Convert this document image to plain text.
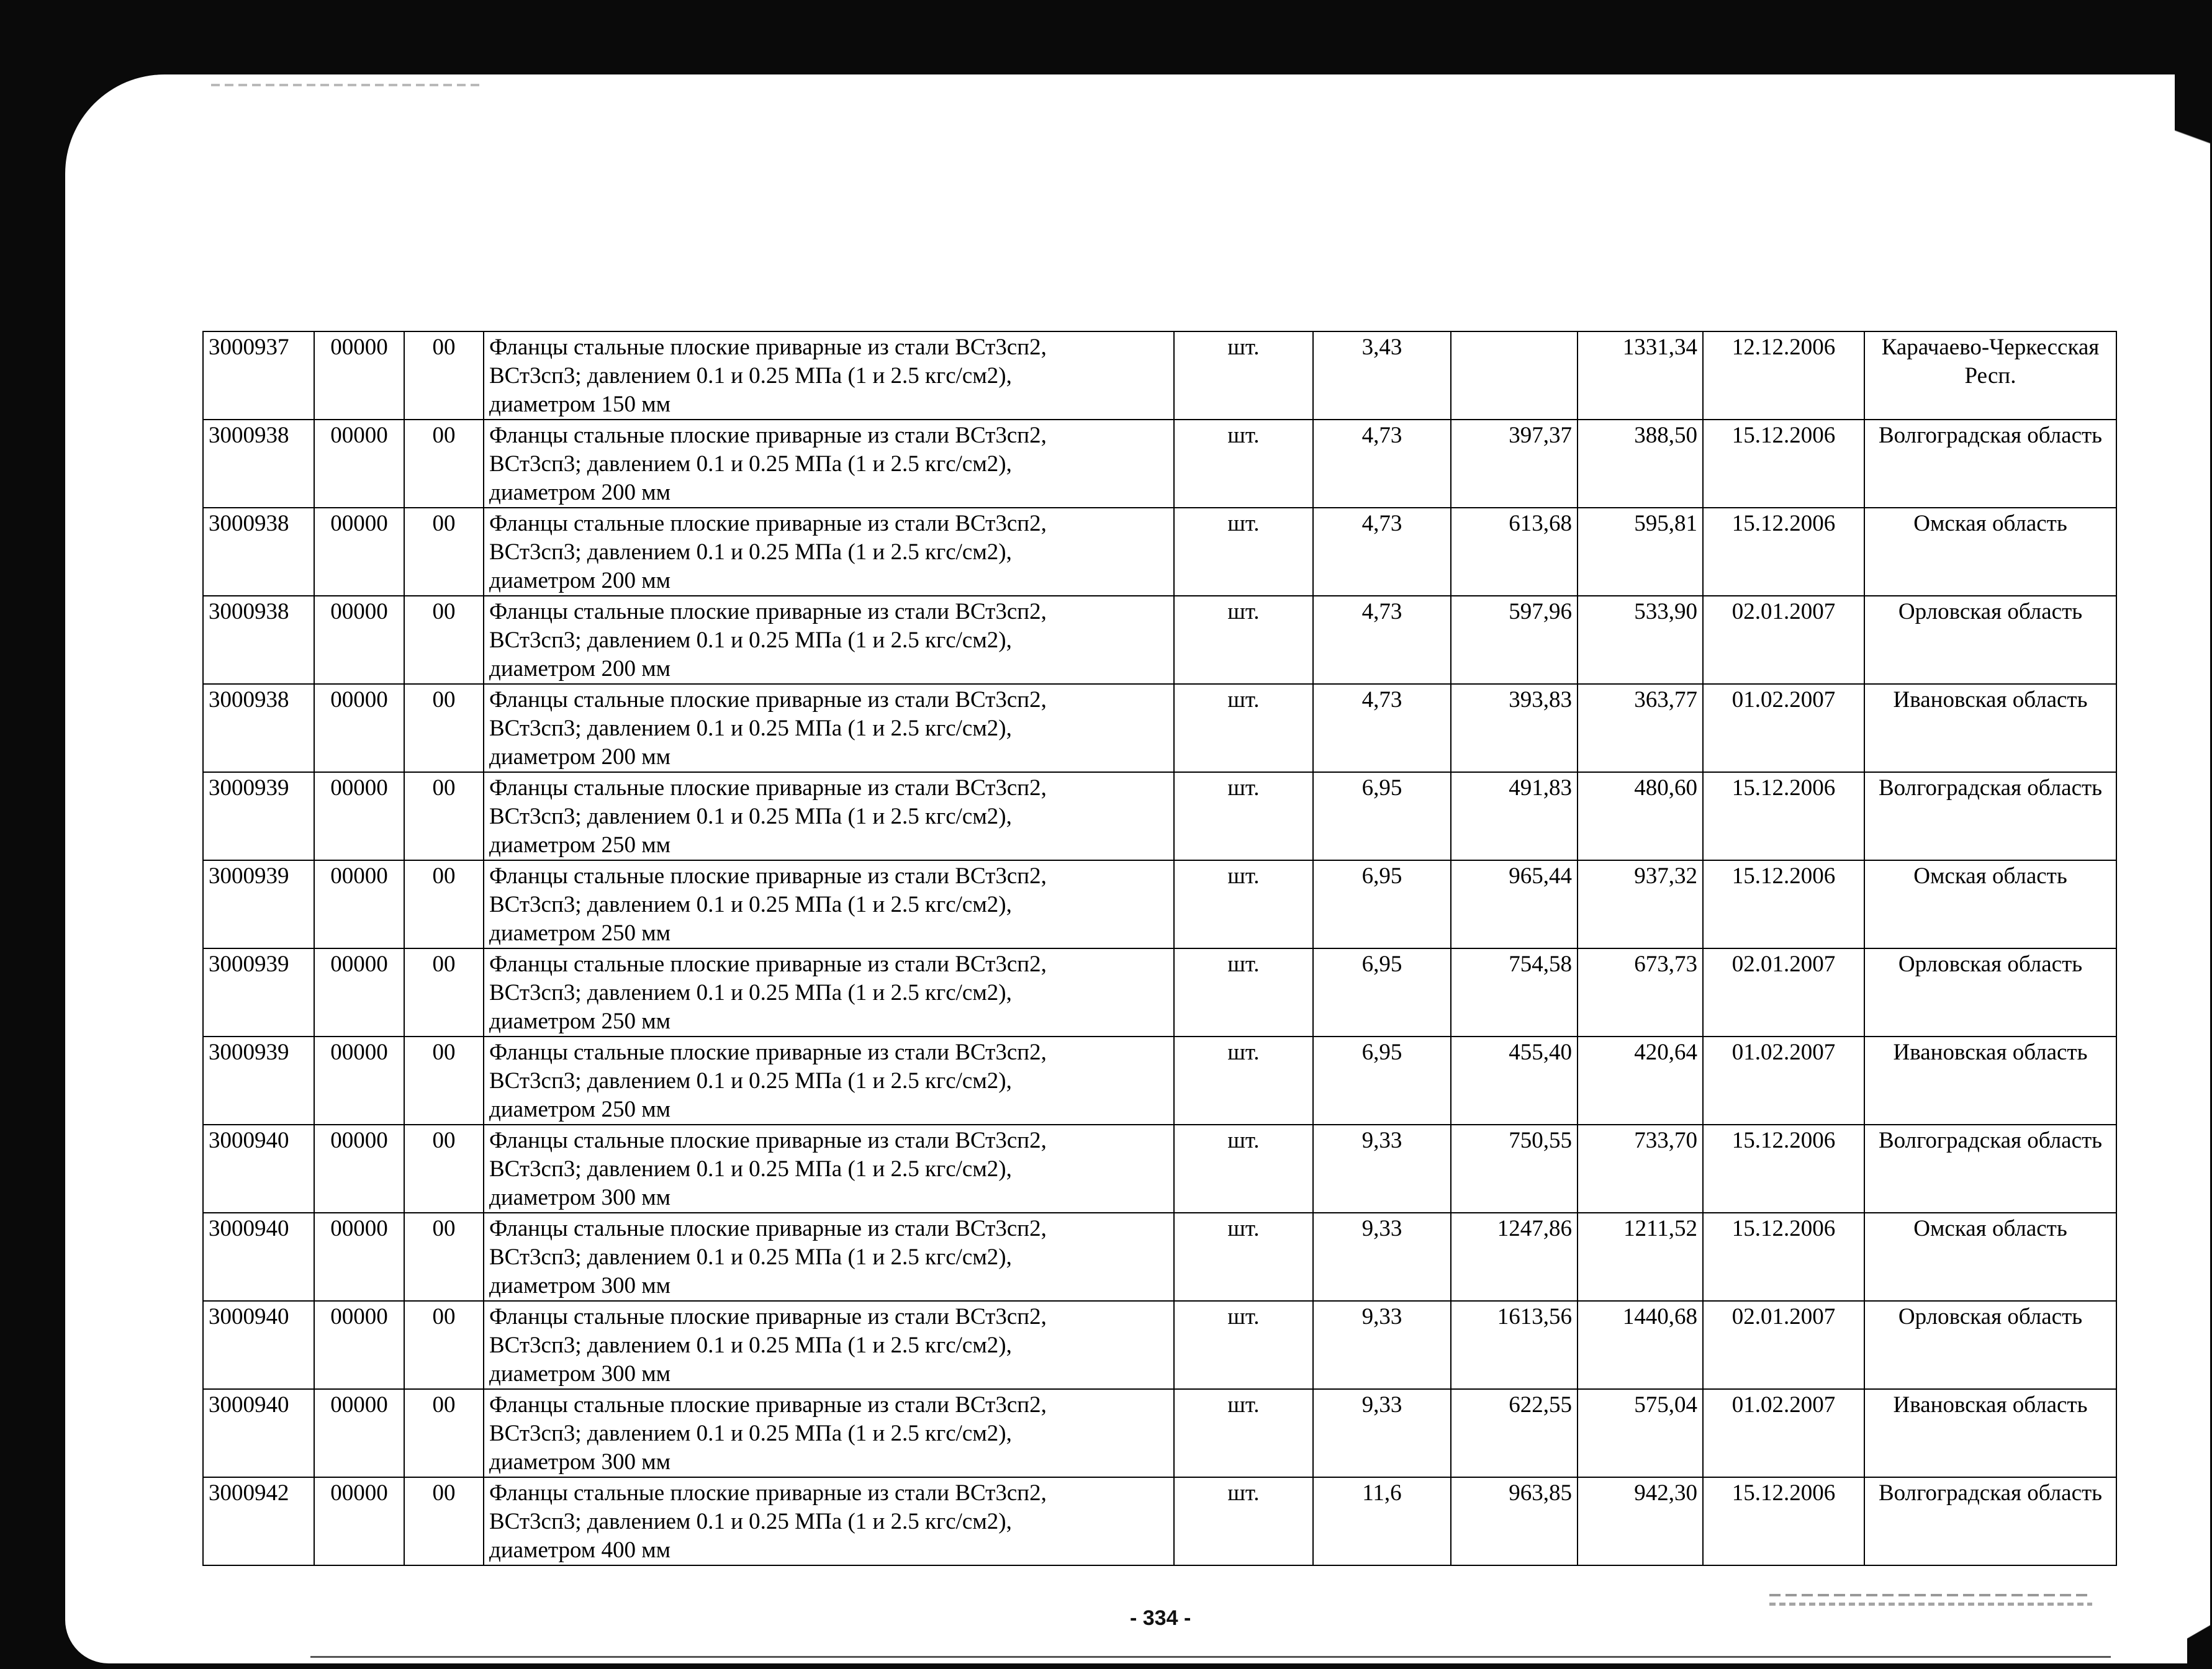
3000937	00000	00	Фланцы стальные плоские приварные из стали ВСт3сп2,
ВСт3сп3; давлением 0.1 и 0.25 МПа (1 и 2.5 кгс/см2),
диаметром 150 мм	шт.	3,43		1331,34	12.12.2006	Карачаево-Черкесская Респ.
3000938	00000	00	Фланцы стальные плоские приварные из стали ВСт3сп2,
ВСт3сп3; давлением 0.1 и 0.25 МПа (1 и 2.5 кгс/см2),
диаметром 200 мм	шт.	4,73	397,37	388,50	15.12.2006	Волгоградская область
3000938	00000	00	Фланцы стальные плоские приварные из стали ВСт3сп2,
ВСт3сп3; давлением 0.1 и 0.25 МПа (1 и 2.5 кгс/см2),
диаметром 200 мм	шт.	4,73	613,68	595,81	15.12.2006	Омская область
3000938	00000	00	Фланцы стальные плоские приварные из стали ВСт3сп2,
ВСт3сп3; давлением 0.1 и 0.25 МПа (1 и 2.5 кгс/см2),
диаметром 200 мм	шт.	4,73	597,96	533,90	02.01.2007	Орловская область
3000938	00000	00	Фланцы стальные плоские приварные из стали ВСт3сп2,
ВСт3сп3; давлением 0.1 и 0.25 МПа (1 и 2.5 кгс/см2),
диаметром 200 мм	шт.	4,73	393,83	363,77	01.02.2007	Ивановская область
3000939	00000	00	Фланцы стальные плоские приварные из стали ВСт3сп2,
ВСт3сп3; давлением 0.1 и 0.25 МПа (1 и 2.5 кгс/см2),
диаметром 250 мм	шт.	6,95	491,83	480,60	15.12.2006	Волгоградская область
3000939	00000	00	Фланцы стальные плоские приварные из стали ВСт3сп2,
ВСт3сп3; давлением 0.1 и 0.25 МПа (1 и 2.5 кгс/см2),
диаметром 250 мм	шт.	6,95	965,44	937,32	15.12.2006	Омская область
3000939	00000	00	Фланцы стальные плоские приварные из стали ВСт3сп2,
ВСт3сп3; давлением 0.1 и 0.25 МПа (1 и 2.5 кгс/см2),
диаметром 250 мм	шт.	6,95	754,58	673,73	02.01.2007	Орловская область
3000939	00000	00	Фланцы стальные плоские приварные из стали ВСт3сп2,
ВСт3сп3; давлением 0.1 и 0.25 МПа (1 и 2.5 кгс/см2),
диаметром 250 мм	шт.	6,95	455,40	420,64	01.02.2007	Ивановская область
3000940	00000	00	Фланцы стальные плоские приварные из стали ВСт3сп2,
ВСт3сп3; давлением 0.1 и 0.25 МПа (1 и 2.5 кгс/см2),
диаметром 300 мм	шт.	9,33	750,55	733,70	15.12.2006	Волгоградская область
3000940	00000	00	Фланцы стальные плоские приварные из стали ВСт3сп2,
ВСт3сп3; давлением 0.1 и 0.25 МПа (1 и 2.5 кгс/см2),
диаметром 300 мм	шт.	9,33	1247,86	1211,52	15.12.2006	Омская область
3000940	00000	00	Фланцы стальные плоские приварные из стали ВСт3сп2,
ВСт3сп3; давлением 0.1 и 0.25 МПа (1 и 2.5 кгс/см2),
диаметром 300 мм	шт.	9,33	1613,56	1440,68	02.01.2007	Орловская область
3000940	00000	00	Фланцы стальные плоские приварные из стали ВСт3сп2,
ВСт3сп3; давлением 0.1 и 0.25 МПа (1 и 2.5 кгс/см2),
диаметром 300 мм	шт.	9,33	622,55	575,04	01.02.2007	Ивановская область
3000942	00000	00	Фланцы стальные плоские приварные из стали ВСт3сп2,
ВСт3сп3; давлением 0.1 и 0.25 МПа (1 и 2.5 кгс/см2),
диаметром 400 мм	шт.	11,6	963,85	942,30	15.12.2006	Волгоградская область
- 334 -
